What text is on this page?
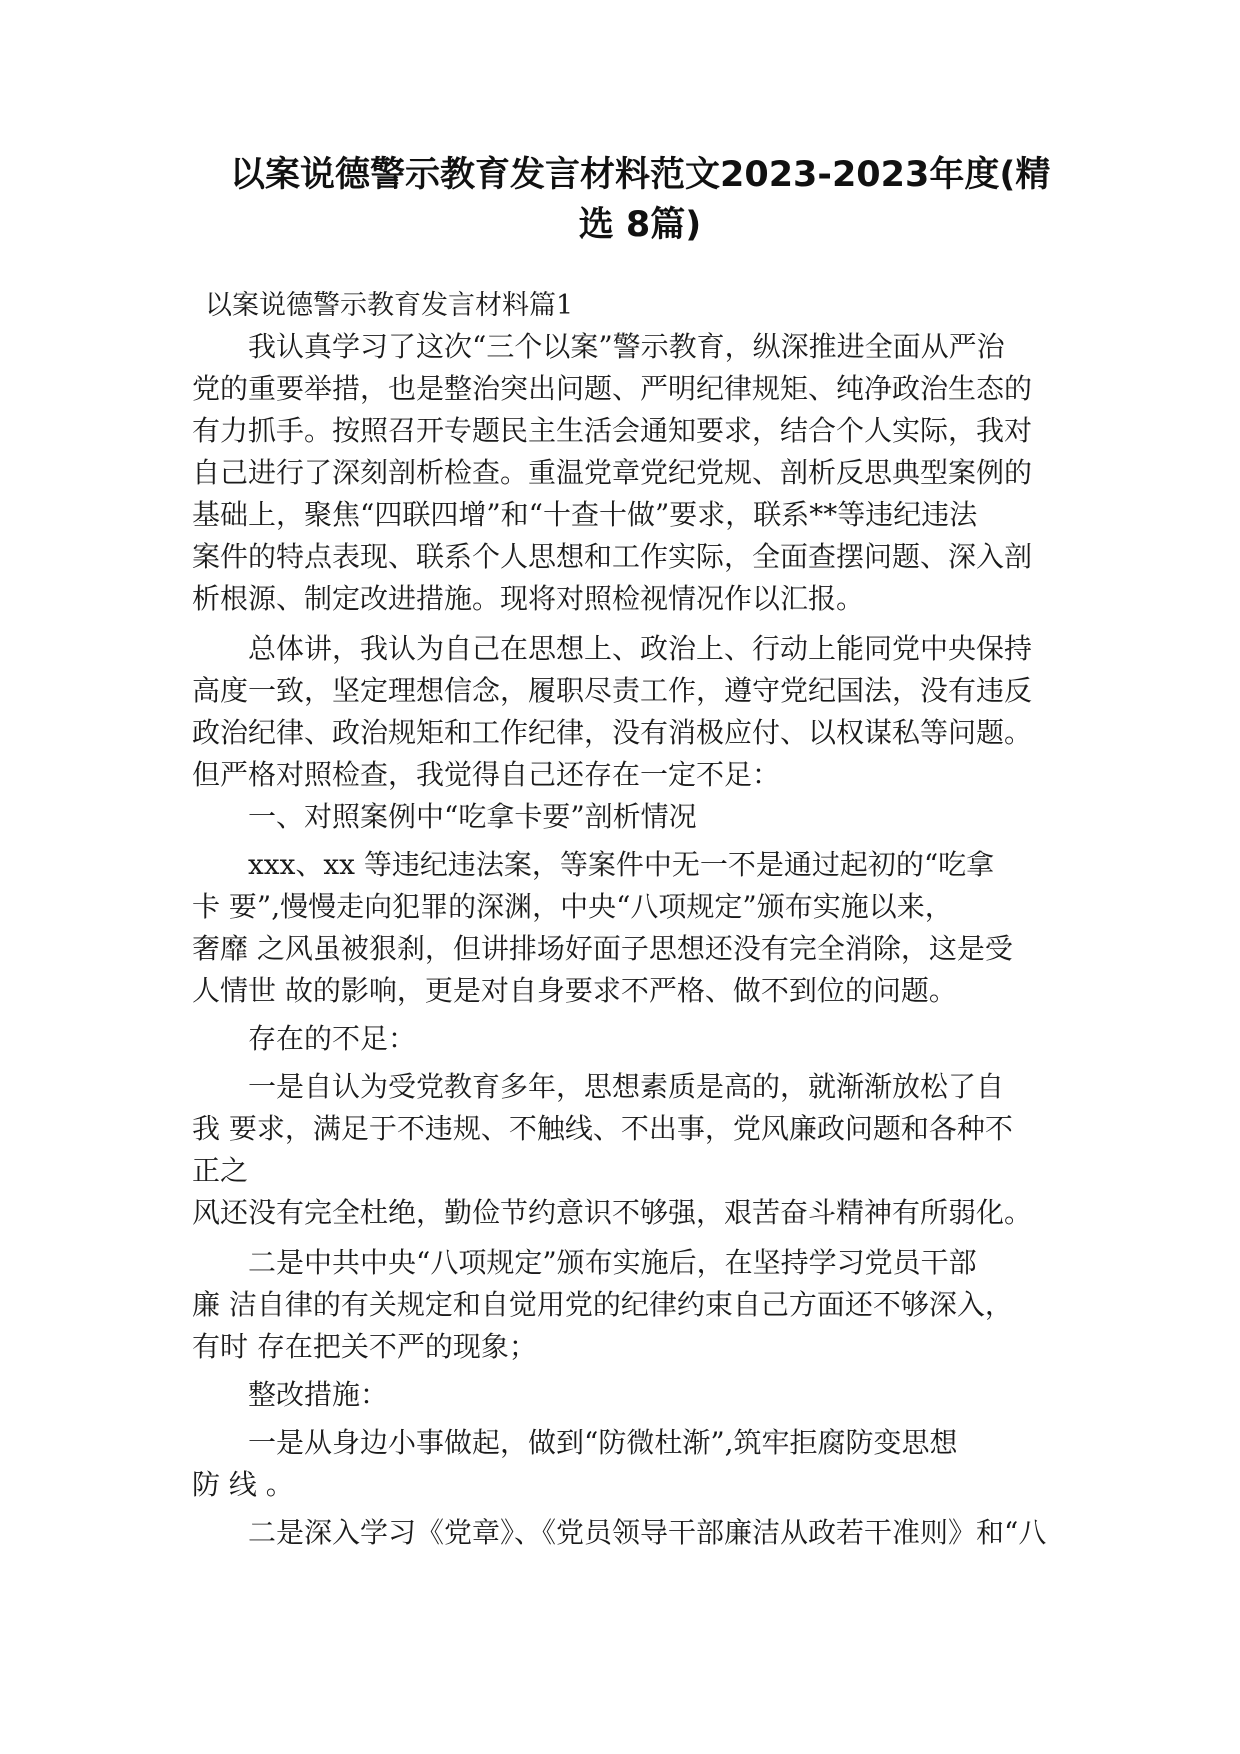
以案说德警示教育发言材料范文2023-2023年度(精
选 8篇)
以案说德警示教育发言材料篇1
我认真学习了这次“三个以案”警示教育，纵深推进全面从严治
党的重要举措，也是整治突出问题、严明纪律规矩、纯净政治生态的
有力抓手。按照召开专题民主生活会通知要求，结合个人实际，我对
自己进行了深刻剖析检查。重温党章党纪党规、剖析反思典型案例的
基础上，聚焦“四联四增”和“十查十做”要求，联系**等违纪违法
案件的特点表现、联系个人思想和工作实际，全面查摆问题、深入剖
析根源、制定改进措施。现将对照检视情况作以汇报。
总体讲，我认为自己在思想上、政治上、行动上能同党中央保持
高度一致，坚定理想信念，履职尽责工作，遵守党纪国法，没有违反
政治纪律、政治规矩和工作纪律，没有消极应付、以权谋私等问题。
但严格对照检查，我觉得自己还存在一定不足：
一、对照案例中“吃拿卡要”剖析情况
xxx、xx 等违纪违法案，等案件中无一不是通过起初的“吃拿
卡 要”,慢慢走向犯罪的深渊，中央“八项规定”颁布实施以来，
奢靡 之风虽被狠刹，但讲排场好面子思想还没有完全消除，这是受
人情世 故的影响，更是对自身要求不严格、做不到位的问题。
存在的不足：
一是自认为受党教育多年，思想素质是高的，就渐渐放松了自
我 要求，满足于不违规、不触线、不出事，党风廉政问题和各种不
正之
风还没有完全杜绝，勤俭节约意识不够强，艰苦奋斗精神有所弱化。
二是中共中央“八项规定”颁布实施后，在坚持学习党员干部
廉 洁自律的有关规定和自觉用党的纪律约束自己方面还不够深入，
有时 存在把关不严的现象；
整改措施：
一是从身边小事做起，做到“防微杜渐”,筑牢拒腐防变思想
防 线 。
二是深入学习《党章》、《党员领导干部廉洁从政若干准则》和“八
